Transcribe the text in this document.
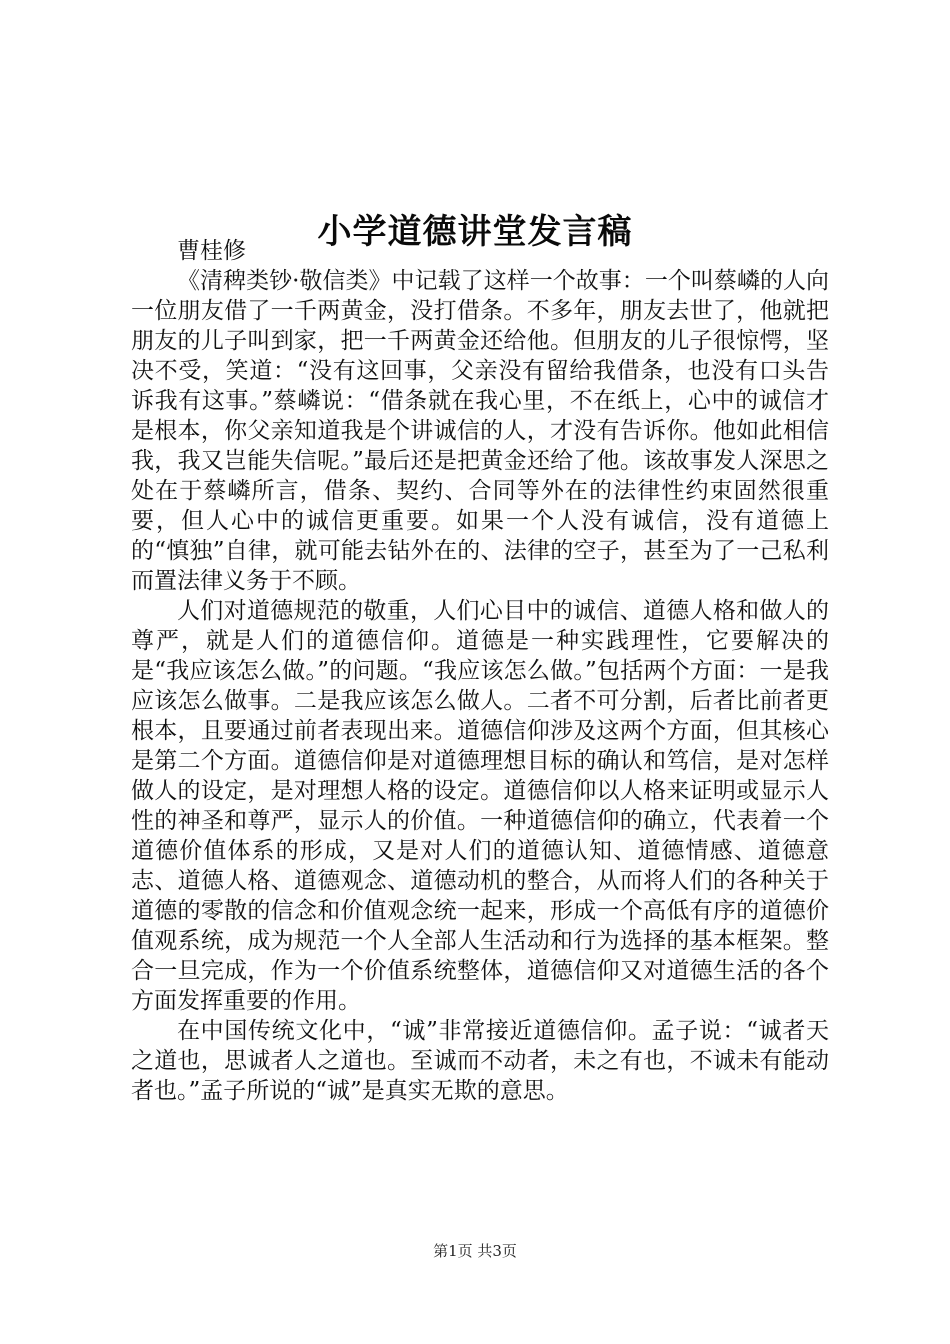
小学道德讲堂发言稿

曹桂修

《清稗类钞·敬信类》中记载了这样一个故事：一个叫蔡嶙的人向一位朋友借了一千两黄金，没打借条。不多年，朋友去世了，他就把朋友的儿子叫到家，把一千两黄金还给他。但朋友的儿子很惊愕，坚决不受，笑道：“没有这回事，父亲没有留给我借条，也没有口头告诉我有这事。”蔡嶙说：“借条就在我心里，不在纸上，心中的诚信才是根本，你父亲知道我是个讲诚信的人，才没有告诉你。他如此相信我，我又岂能失信呢。”最后还是把黄金还给了他。该故事发人深思之处在于蔡嶙所言，借条、契约、合同等外在的法律性约束固然很重要，但人心中的诚信更重要。如果一个人没有诚信，没有道德上的“慎独”自律，就可能去钻外在的、法律的空子，甚至为了一己私利而置法律义务于不顾。

人们对道德规范的敬重，人们心目中的诚信、道德人格和做人的尊严，就是人们的道德信仰。道德是一种实践理性，它要解决的是“我应该怎么做。”的问题。“我应该怎么做。”包括两个方面：一是我应该怎么做事。二是我应该怎么做人。二者不可分割，后者比前者更根本，且要通过前者表现出来。道德信仰涉及这两个方面，但其核心是第二个方面。道德信仰是对道德理想目标的确认和笃信，是对怎样做人的设定，是对理想人格的设定。道德信仰以人格来证明或显示人性的神圣和尊严，显示人的价值。一种道德信仰的确立，代表着一个道德价值体系的形成，又是对人们的道德认知、道德情感、道德意志、道德人格、道德观念、道德动机的整合，从而将人们的各种关于道德的零散的信念和价值观念统一起来，形成一个高低有序的道德价值观系统，成为规范一个人全部人生活动和行为选择的基本框架。整合一旦完成，作为一个价值系统整体，道德信仰又对道德生活的各个方面发挥重要的作用。

在中国传统文化中，“诚”非常接近道德信仰。孟子说：“诚者天之道也，思诚者人之道也。至诚而不动者，未之有也，不诚未有能动者也。”孟子所说的“诚”是真实无欺的意思。

第1页 共3页
